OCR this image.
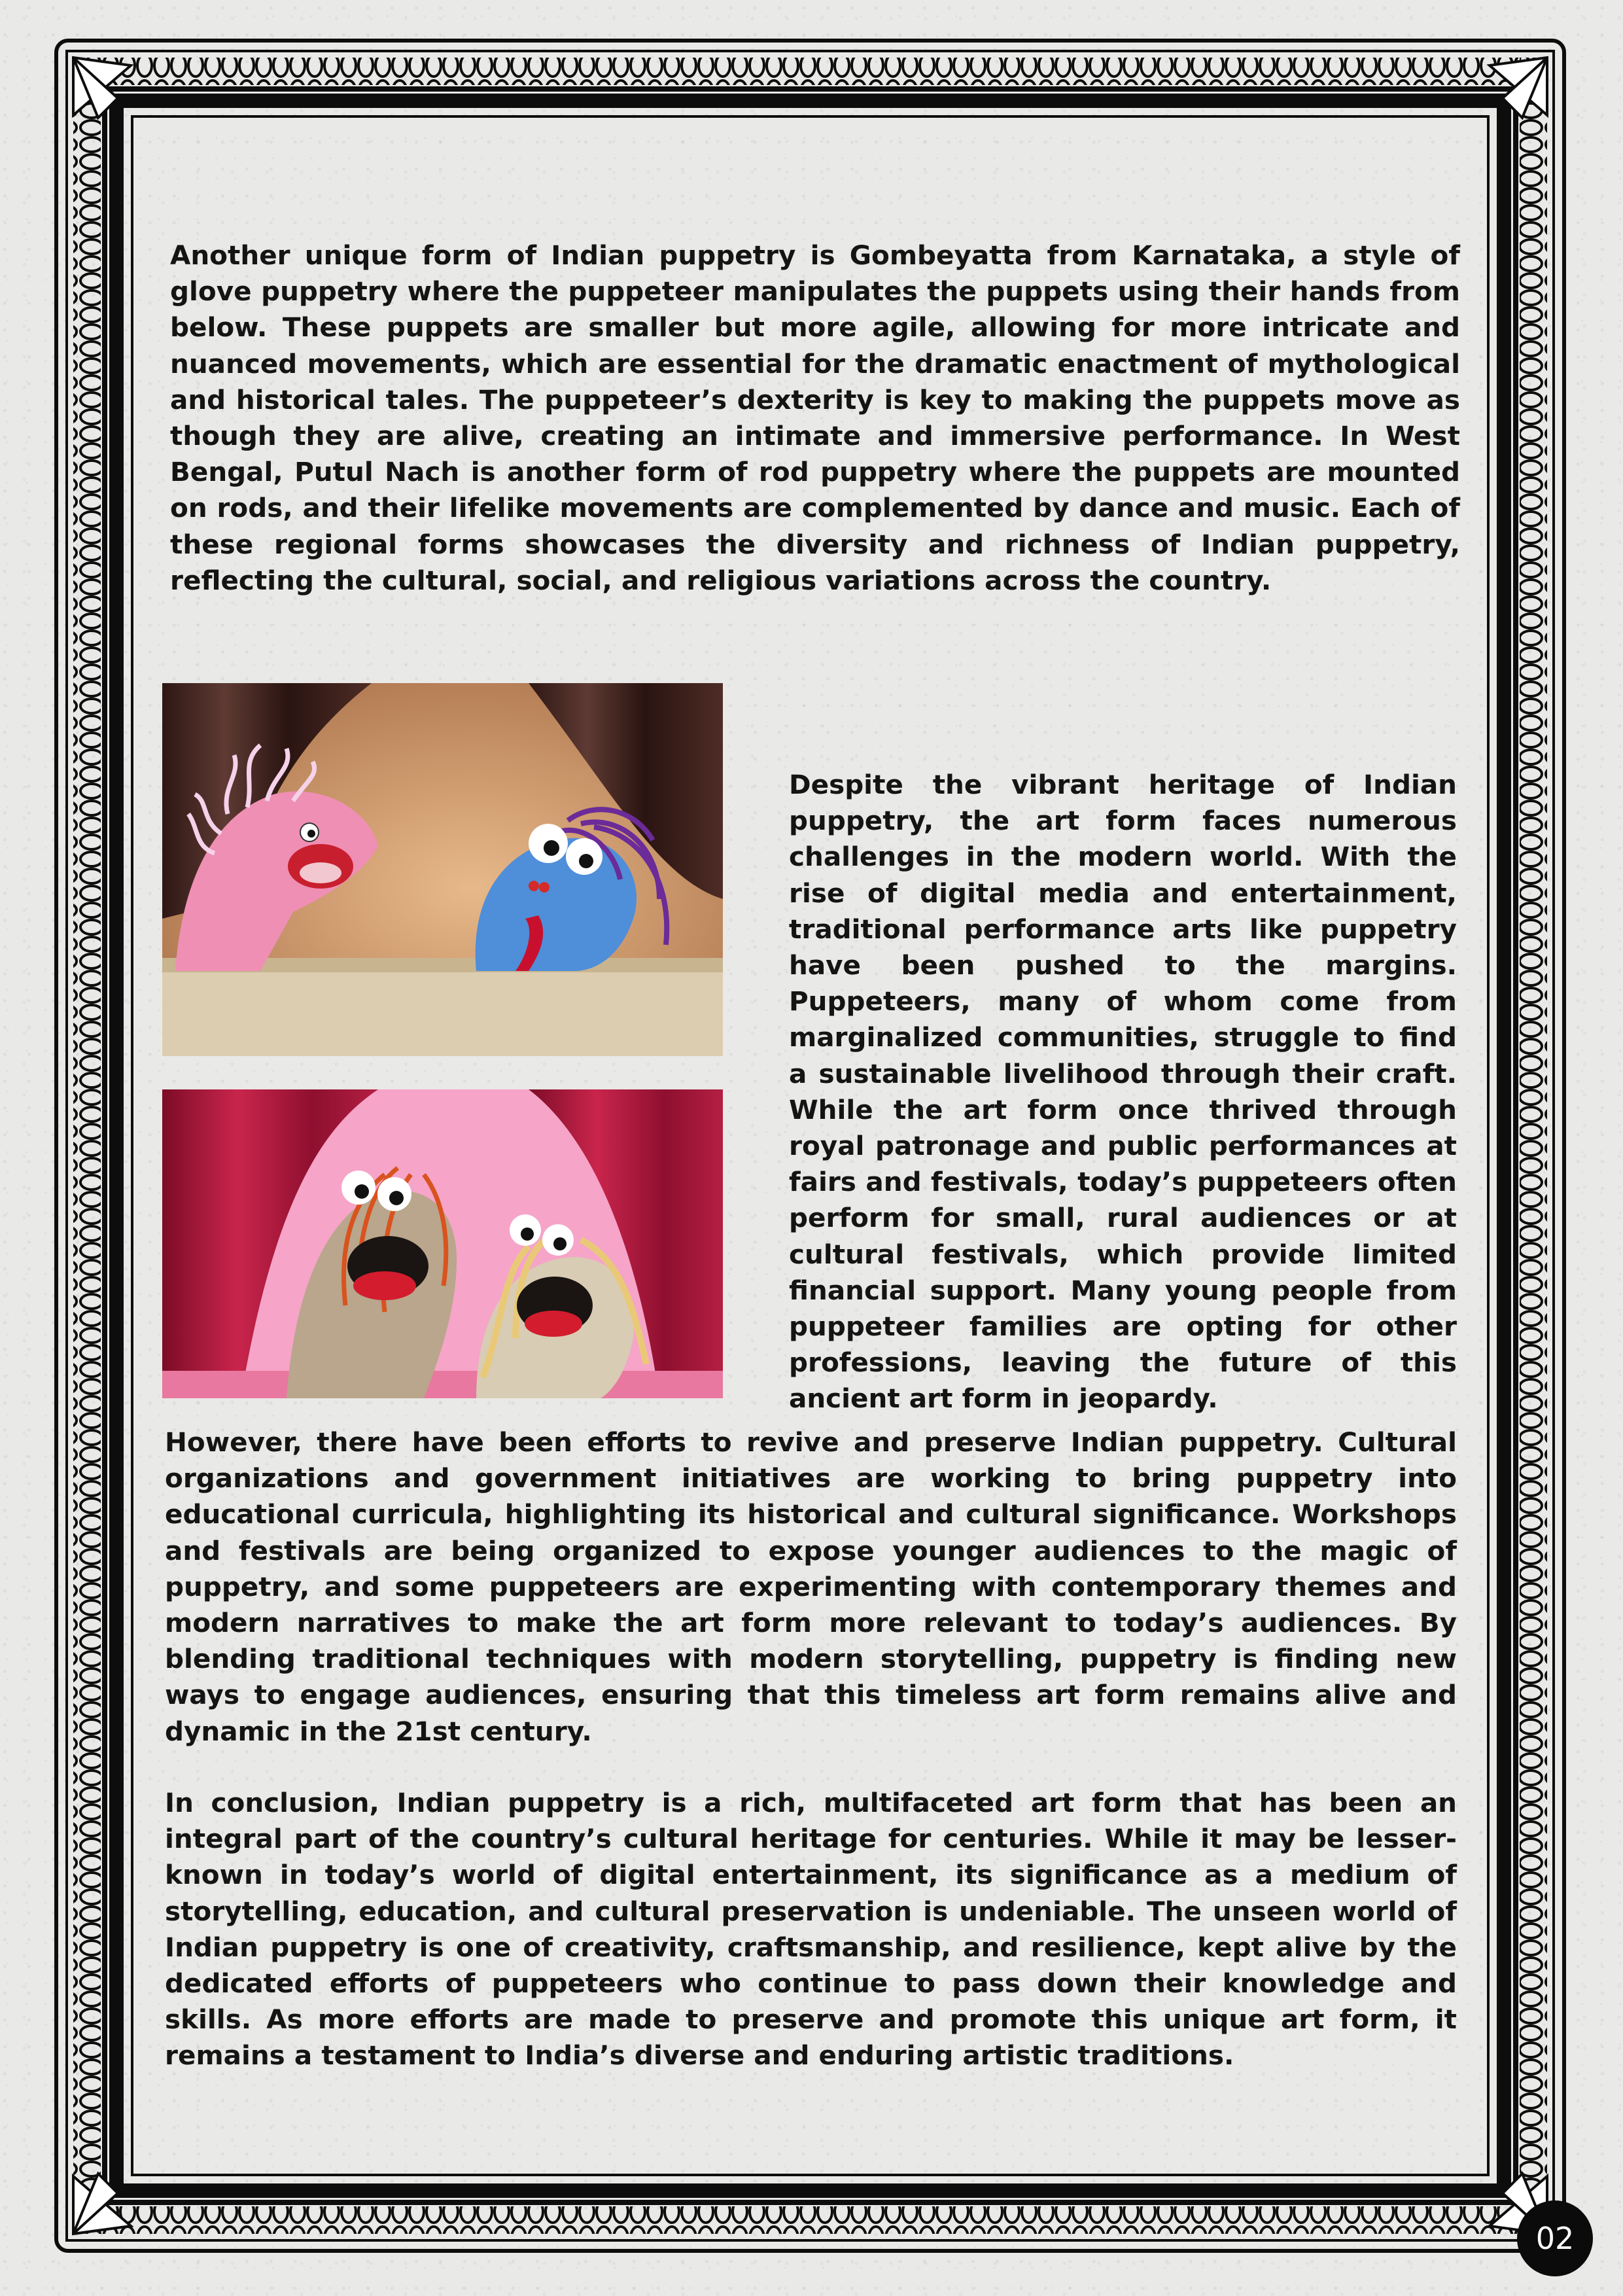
Another unique form of Indian puppetry is Gombeyatta from Karnataka, a style of glove puppetry where the puppeteer manipulates the puppets using their hands from below. These puppets are smaller but more agile, allowing for more intricate and nuanced movements, which are essential for the dramatic enactment of mythological and historical tales. The puppeteer’s dexterity is key to making the puppets move as though they are alive, creating an intimate and immersive performance. In West Bengal, Putul Nach is another form of rod puppetry where the puppets are mounted on rods, and their lifelike movements are complemented by dance and music. Each of these regional forms showcases the diversity and richness of Indian puppetry, reflecting the cultural, social, and religious variations across the country.

Despite the vibrant heritage of Indian puppetry, the art form faces numerous challenges in the modern world. With the rise of digital media and entertainment, traditional performance arts like puppetry have been pushed to the margins. Puppeteers, many of whom come from marginalized communities, struggle to find a sustainable livelihood through their craft. While the art form once thrived through royal patronage and public performances at fairs and festivals, today’s puppeteers often perform for small, rural audiences or at cultural festivals, which provide limited financial support. Many young people from puppeteer families are opting for other professions, leaving the future of this ancient art form in jeopardy.

However, there have been efforts to revive and preserve Indian puppetry. Cultural organizations and government initiatives are working to bring puppetry into educational curricula, highlighting its historical and cultural significance. Workshops and festivals are being organized to expose younger audiences to the magic of puppetry, and some puppeteers are experimenting with contemporary themes and modern narratives to make the art form more relevant to today’s audiences. By blending traditional techniques with modern storytelling, puppetry is finding new ways to engage audiences, ensuring that this timeless art form remains alive and dynamic in the 21st century.

In conclusion, Indian puppetry is a rich, multifaceted art form that has been an integral part of the country’s cultural heritage for centuries. While it may be lesser-known in today’s world of digital entertainment, its significance as a medium of storytelling, education, and cultural preservation is undeniable. The unseen world of Indian puppetry is one of creativity, craftsmanship, and resilience, kept alive by the dedicated efforts of puppeteers who continue to pass down their knowledge and skills. As more efforts are made to preserve and promote this unique art form, it remains a testament to India’s diverse and enduring artistic traditions.

02
